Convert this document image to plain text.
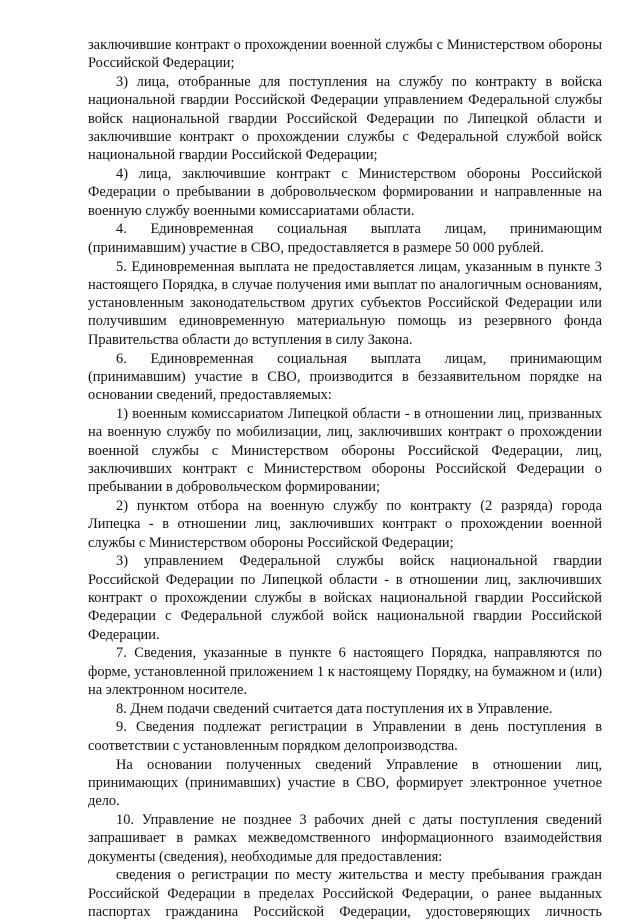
заключившие контракт о прохождении военной службы с Министерством обороны Российской Федерации;

3) лица, отобранные для поступления на службу по контракту в войска национальной гвардии Российской Федерации управлением Федеральной службы войск национальной гвардии Российской Федерации по Липецкой области и заключившие контракт о прохождении службы с Федеральной службой войск национальной гвардии Российской Федерации;

4) лица, заключившие контракт с Министерством обороны Российской Федерации о пребывании в добровольческом формировании и направленные на военную службу военными комиссариатами области.

4. Единовременная социальная выплата лицам, принимающим (принимавшим) участие в СВО, предоставляется в размере 50 000 рублей.

5. Единовременная выплата не предоставляется лицам, указанным в пункте 3 настоящего Порядка, в случае получения ими выплат по аналогичным основаниям, установленным законодательством других субъектов Российской Федерации или получившим единовременную материальную помощь из резервного фонда Правительства области до вступления в силу Закона.

6. Единовременная социальная выплата лицам, принимающим (принимавшим) участие в СВО, производится в беззаявительном порядке на основании сведений, предоставляемых:

1) военным комиссариатом Липецкой области - в отношении лиц, призванных на военную службу по мобилизации, лиц, заключивших контракт о прохождении военной службы с Министерством обороны Российской Федерации, лиц, заключивших контракт с Министерством обороны Российской Федерации о пребывании в добровольческом формировании;

2) пунктом отбора на военную службу по контракту (2 разряда) города Липецка - в отношении лиц, заключивших контракт о прохождении военной службы с Министерством обороны Российской Федерации;

3) управлением Федеральной службы войск национальной гвардии Российской Федерации по Липецкой области - в отношении лиц, заключивших контракт о прохождении службы в войсках национальной гвардии Российской Федерации с Федеральной службой войск национальной гвардии Российской Федерации.

7. Сведения, указанные в пункте 6 настоящего Порядка, направляются по форме, установленной приложением 1 к настоящему Порядку, на бумажном и (или) на электронном носителе.

8. Днем подачи сведений считается дата поступления их в Управление.

9. Сведения подлежат регистрации в Управлении в день поступления в соответствии с установленным порядком делопроизводства.

На основании полученных сведений Управление в отношении лиц, принимающих (принимавших) участие в СВО, формирует электронное учетное дело.

10. Управление не позднее 3 рабочих дней с даты поступления сведений запрашивает в рамках межведомственного информационного взаимодействия документы (сведения), необходимые для предоставления:

сведения о регистрации по месту жительства и месту пребывания граждан Российской Федерации в пределах Российской Федерации, о ранее выданных паспортах гражданина Российской Федерации, удостоверяющих личность
